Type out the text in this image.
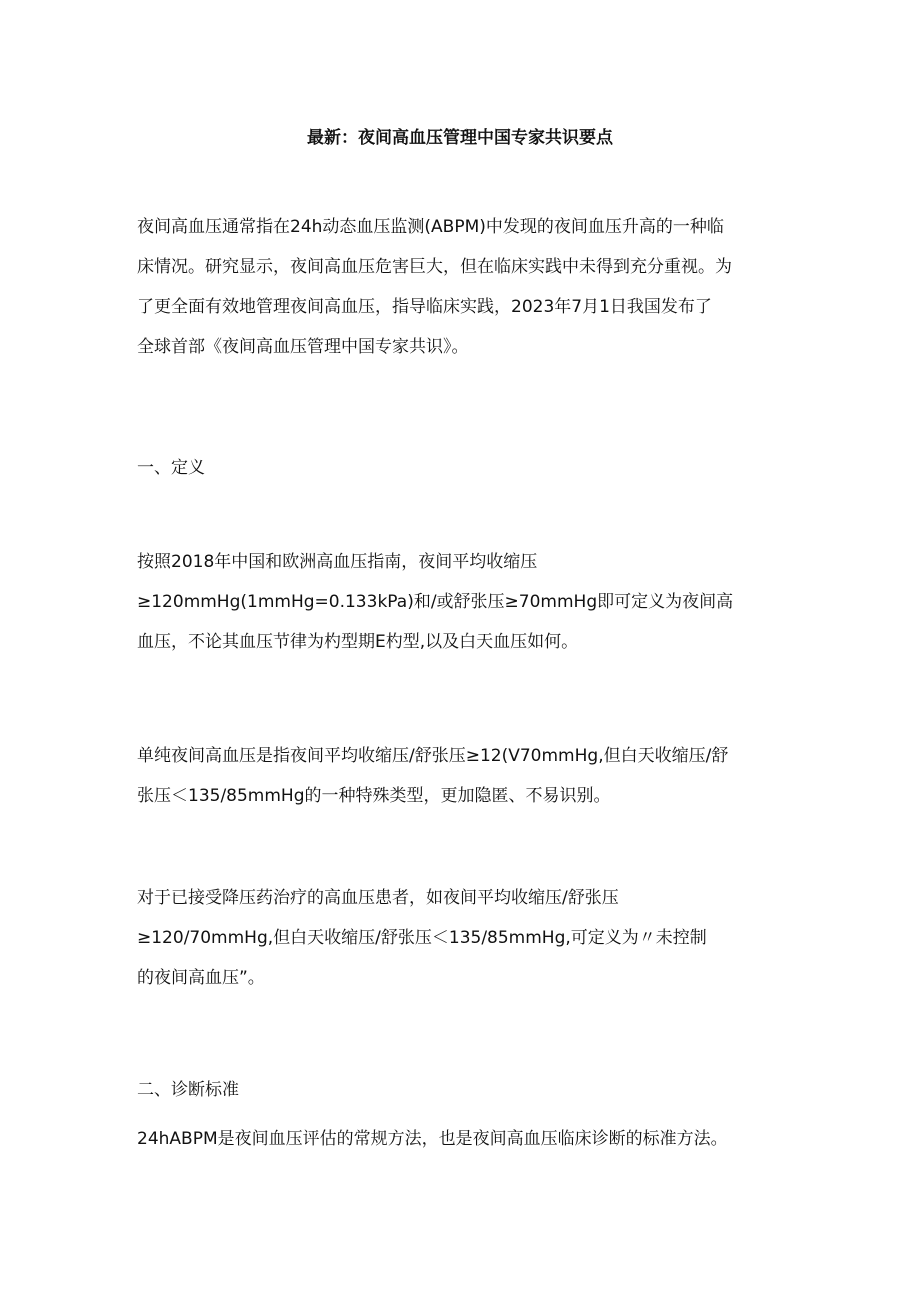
最新：夜间高血压管理中国专家共识要点
夜间高血压通常指在24h动态血压监测(ABPM)中发现的夜间血压升高的一种临
床情况。研究显示，夜间高血压危害巨大，但在临床实践中未得到充分重视。为
了更全面有效地管理夜间高血压，指导临床实践，2023年7月1日我国发布了
全球首部《夜间高血压管理中国专家共识》。
一、定义
按照2018年中国和欧洲高血压指南，夜间平均收缩压
≥120mmHg(1mmHg=0.133kPa)和/或舒张压≥70mmHg即可定义为夜间高
血压，不论其血压节律为杓型期E杓型,以及白天血压如何。
单纯夜间高血压是指夜间平均收缩压/舒张压≥12(V70mmHg,但白天收缩压/舒
张压＜135/85mmHg的一种特殊类型，更加隐匿、不易识别。
对于已接受降压药治疗的高血压患者，如夜间平均收缩压/舒张压
≥120/70mmHg,但白天收缩压/舒张压＜135/85mmHg,可定义为〃未控制
的夜间高血压”。
二、诊断标准
24hABPM是夜间血压评估的常规方法，也是夜间高血压临床诊断的标准方法。
